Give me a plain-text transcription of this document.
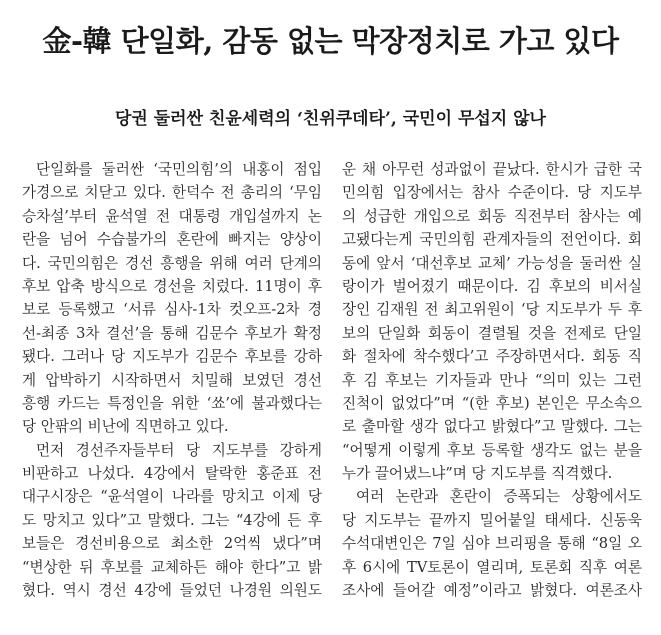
金-韓 단일화, 감동 없는 막장정치로 가고 있다
당권 둘러싼 친윤세력의 ‘친위쿠데타’, 국민이 무섭지 않나
단일화를 둘러싼 ‘국민의힘’의 내홍이 점입
가경으로 치닫고 있다. 한덕수 전 총리의 ‘무임
승차설’부터 윤석열 전 대통령 개입설까지 논
란을 넘어 수습불가의 혼란에 빠지는 양상이
다. 국민의힘은 경선 흥행을 위해 여러 단계의
후보 압축 방식으로 경선을 치렀다. 11명이 후
보로 등록했고 ‘서류 심사-1차 컷오프-2차 경
선-최종 3차 결선’을 통해 김문수 후보가 확정
됐다. 그러나 당 지도부가 김문수 후보를 강하
게 압박하기 시작하면서 치밀해 보였던 경선
흥행 카드는 특정인을 위한 ‘쑈’에 불과했다는
당 안팎의 비난에 직면하고 있다.
먼저 경선주자들부터 당 지도부를 강하게
비판하고 나섰다. 4강에서 탈락한 홍준표 전
대구시장은 “윤석열이 나라를 망치고 이제 당
도 망치고 있다”고 말했다. 그는 “4강에 든 후
보들은 경선비용으로 최소한 2억씩 냈다”며
“변상한 뒤 후보를 교체하든 해야 한다”고 밝
혔다. 역시 경선 4강에 들었던 나경원 의원도
운 채 아무런 성과없이 끝났다. 한시가 급한 국
민의힘 입장에서는 참사 수준이다. 당 지도부
의 성급한 개입으로 회동 직전부터 참사는 예
고됐다는게 국민의힘 관계자들의 전언이다. 회
동에 앞서 ‘대선후보 교체’ 가능성을 둘러싼 실
랑이가 벌어졌기 때문이다. 김 후보의 비서실
장인 김재원 전 최고위원이 ‘당 지도부가 두 후
보의 단일화 회동이 결렬될 것을 전제로 단일
화 절차에 착수했다’고 주장하면서다. 회동 직
후 김 후보는 기자들과 만나 “의미 있는 그런
진척이 없었다”며 “(한 후보) 본인은 무소속으
로 출마할 생각 없다고 밝혔다”고 말했다. 그는
“어떻게 이렇게 후보 등록할 생각도 없는 분을
누가 끌어냈느냐”며 당 지도부를 직격했다.
여러 논란과 혼란이 증폭되는 상황에서도
당 지도부는 끝까지 밀어붙일 태세다. 신동욱
수석대변인은 7일 심야 브리핑을 통해 “8일 오
후 6시에 TV토론이 열리며, 토론회 직후 여론
조사에 들어갈 예정”이라고 밝혔다. 여론조사
